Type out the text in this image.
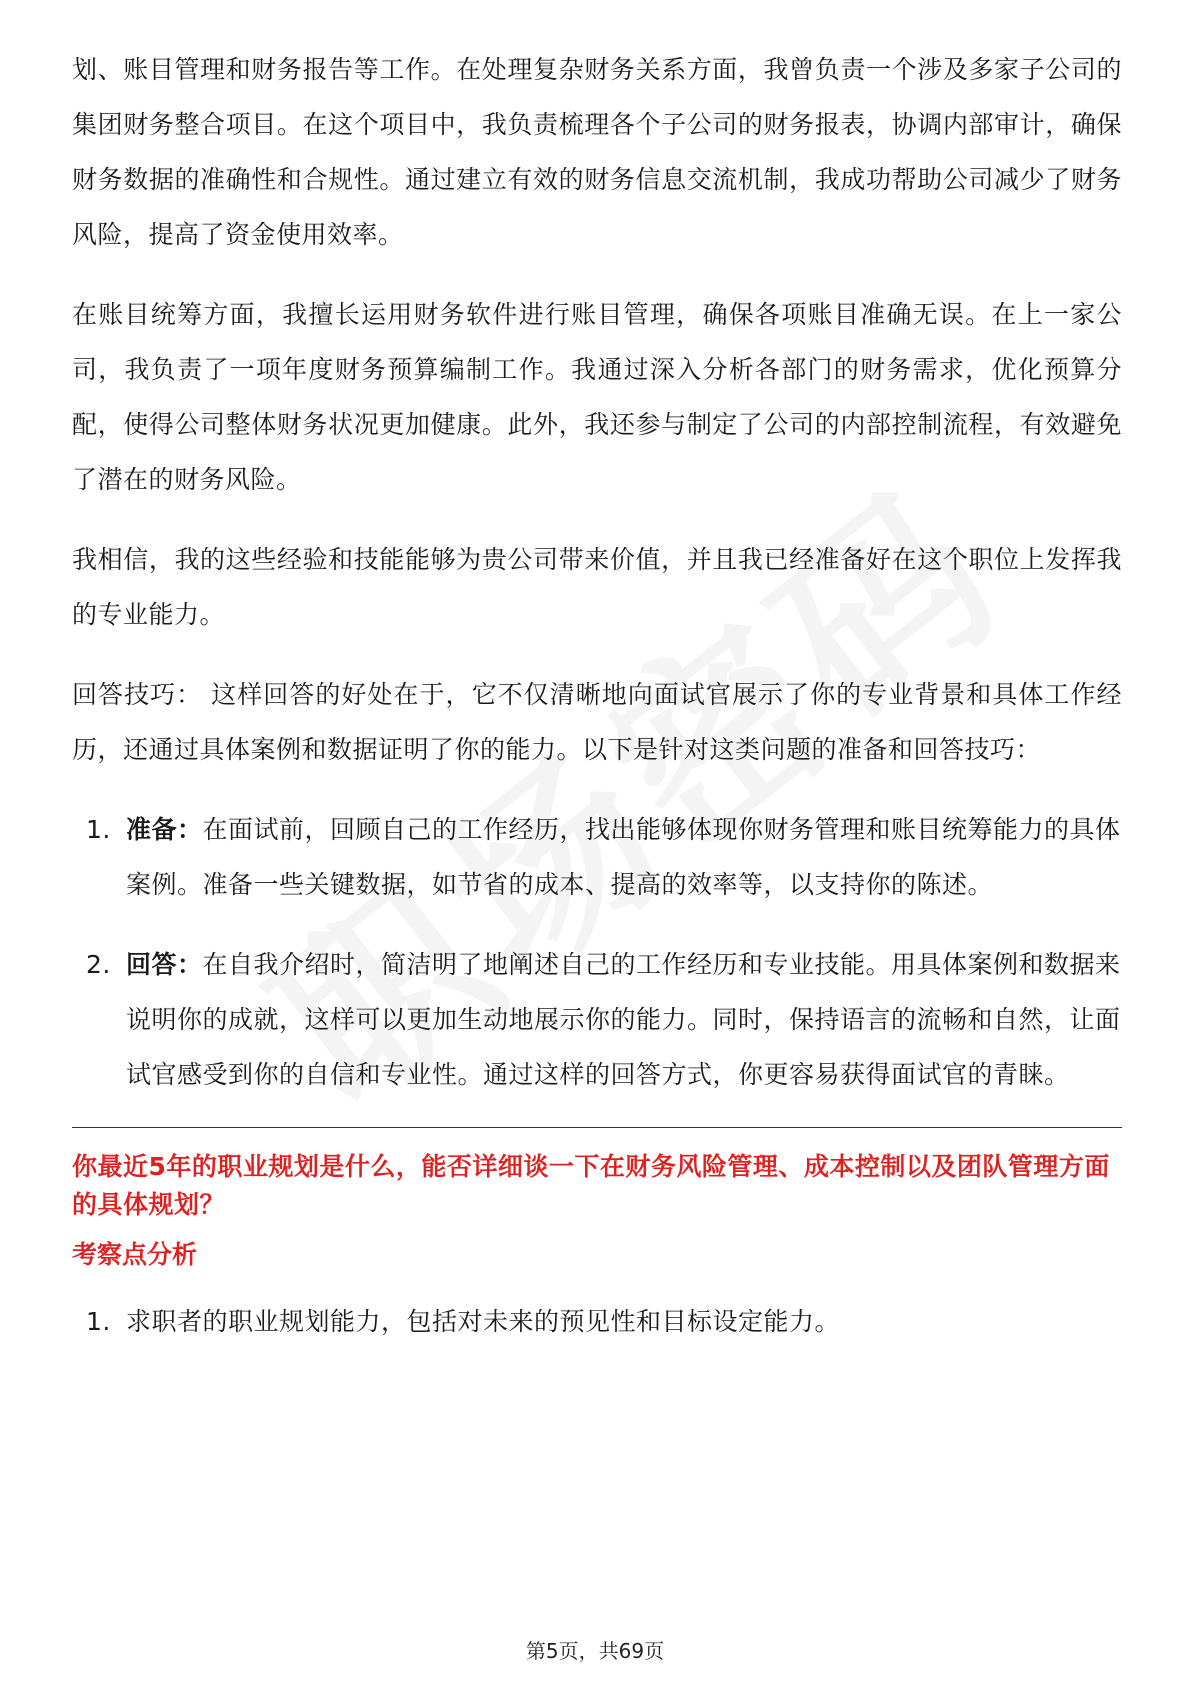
划、账目管理和财务报告等工作。在处理复杂财务关系方面，我曾负责一个涉及多家子公司的集团财务整合项目。在这个项目中，我负责梳理各个子公司的财务报表，协调内部审计，确保财务数据的准确性和合规性。通过建立有效的财务信息交流机制，我成功帮助公司减少了财务风险，提高了资金使用效率。

在账目统筹方面，我擅长运用财务软件进行账目管理，确保各项账目准确无误。在上一家公司，我负责了一项年度财务预算编制工作。我通过深入分析各部门的财务需求，优化预算分配，使得公司整体财务状况更加健康。此外，我还参与制定了公司的内部控制流程，有效避免了潜在的财务风险。

我相信，我的这些经验和技能能够为贵公司带来价值，并且我已经准备好在这个职位上发挥我的专业能力。

回答技巧： 这样回答的好处在于，它不仅清晰地向面试官展示了你的专业背景和具体工作经历，还通过具体案例和数据证明了你的能力。以下是针对这类问题的准备和回答技巧：

1. 准备：在面试前，回顾自己的工作经历，找出能够体现你财务管理和账目统筹能力的具体案例。准备一些关键数据，如节省的成本、提高的效率等，以支持你的陈述。
2. 回答：在自我介绍时，简洁明了地阐述自己的工作经历和专业技能。用具体案例和数据来说明你的成就，这样可以更加生动地展示你的能力。同时，保持语言的流畅和自然，让面试官感受到你的自信和专业性。通过这样的回答方式，你更容易获得面试官的青睐。
你最近5年的职业规划是什么，能否详细谈一下在财务风险管理、成本控制以及团队管理方面的具体规划？
考察点分析
1. 求职者的职业规划能力，包括对未来的预见性和目标设定能力。
第5页，共69页
